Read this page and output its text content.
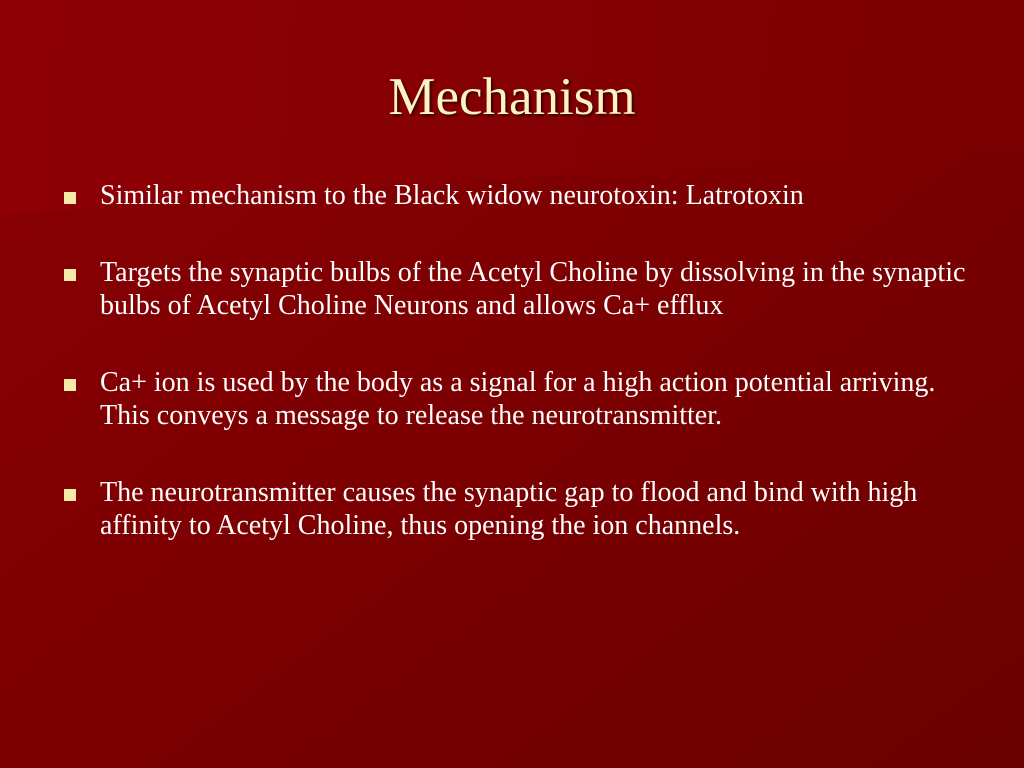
Mechanism
Similar mechanism to the Black widow neurotoxin: Latrotoxin
Targets the synaptic bulbs of the Acetyl Choline by dissolving in the synaptic bulbs of Acetyl Choline Neurons and allows Ca+ efflux
Ca+ ion is used by the body as a signal for a high action potential arriving. This conveys a message to release the neurotransmitter.
The neurotransmitter causes the synaptic gap to flood and bind with high affinity to Acetyl Choline, thus opening the ion channels.
